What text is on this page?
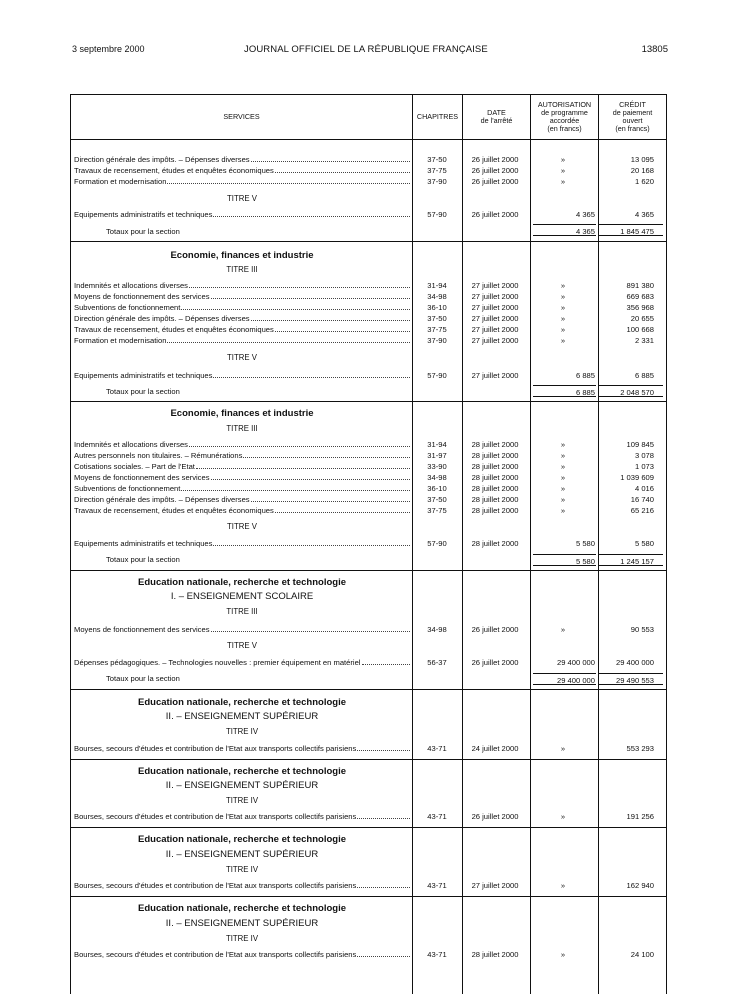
3 septembre 2000	JOURNAL OFFICIEL DE LA RÉPUBLIQUE FRANÇAISE	13805
SERVICES	CHAPITRES	DATE
de l'arrêté
AUTORISATION
de programme
accordée
(en francs)
CRÉDIT
de paiement
ouvert
(en francs)
Direction générale des impôts. – Dépenses diverses	37-50	26 juillet 2000	»	13 095
Travaux de recensement, études et enquêtes économiques	37-75	26 juillet 2000	»	20 168
Formation et modernisation	37-90	26 juillet 2000	»	1 620
TITRE V
Equipements administratifs et techniques	57-90	26 juillet 2000	4 365	4 365
Totaux pour la section	4 365	1 845 475
Economie, finances et industrie
TITRE III
Indemnités et allocations diverses	31-94	27 juillet 2000	»	891 380
Moyens de fonctionnement des services	34-98	27 juillet 2000	»	669 683
Subventions de fonctionnement	36-10	27 juillet 2000	»	356 968
Direction générale des impôts. – Dépenses diverses	37-50	27 juillet 2000	»	20 655
Travaux de recensement, études et enquêtes économiques	37-75	27 juillet 2000	»	100 668
Formation et modernisation	37-90	27 juillet 2000	»	2 331
TITRE V
Equipements administratifs et techniques	57-90	27 juillet 2000	6 885	6 885
Totaux pour la section	6 885	2 048 570
Economie, finances et industrie
TITRE III
Indemnités et allocations diverses	31-94	28 juillet 2000	»	109 845
Autres personnels non titulaires. – Rémunérations	31-97	28 juillet 2000	»	3 078
Cotisations sociales. – Part de l'Etat	33-90	28 juillet 2000	»	1 073
Moyens de fonctionnement des services	34-98	28 juillet 2000	»	1 039 609
Subventions de fonctionnement	36-10	28 juillet 2000	»	4 016
Direction générale des impôts. – Dépenses diverses	37-50	28 juillet 2000	»	16 740
Travaux de recensement, études et enquêtes économiques	37-75	28 juillet 2000	»	65 216
TITRE V
Equipements administratifs et techniques	57-90	28 juillet 2000	5 580	5 580
Totaux pour la section	5 580	1 245 157
Education nationale, recherche et technologie
I. – ENSEIGNEMENT SCOLAIRE
TITRE III
Moyens de fonctionnement des services	34-98	26 juillet 2000	»	90 553
TITRE V
Dépenses pédagogiques. – Technologies nouvelles : premier équipement en matériel	56-37	26 juillet 2000	29 400 000	29 400 000
Totaux pour la section	29 400 000	29 490 553
Education nationale, recherche et technologie
II. – ENSEIGNEMENT SUPÉRIEUR
TITRE IV
Bourses, secours d'études et contribution de l'Etat aux transports collectifs parisiens	43-71	24 juillet 2000	»	553 293
Education nationale, recherche et technologie
II. – ENSEIGNEMENT SUPÉRIEUR
TITRE IV
Bourses, secours d'études et contribution de l'Etat aux transports collectifs parisiens	43-71	26 juillet 2000	»	191 256
Education nationale, recherche et technologie
II. – ENSEIGNEMENT SUPÉRIEUR
TITRE IV
Bourses, secours d'études et contribution de l'Etat aux transports collectifs parisiens	43-71	27 juillet 2000	»	162 940
Education nationale, recherche et technologie
II. – ENSEIGNEMENT SUPÉRIEUR
TITRE IV
Bourses, secours d'études et contribution de l'Etat aux transports collectifs parisiens	43-71	28 juillet 2000	»	24 100
